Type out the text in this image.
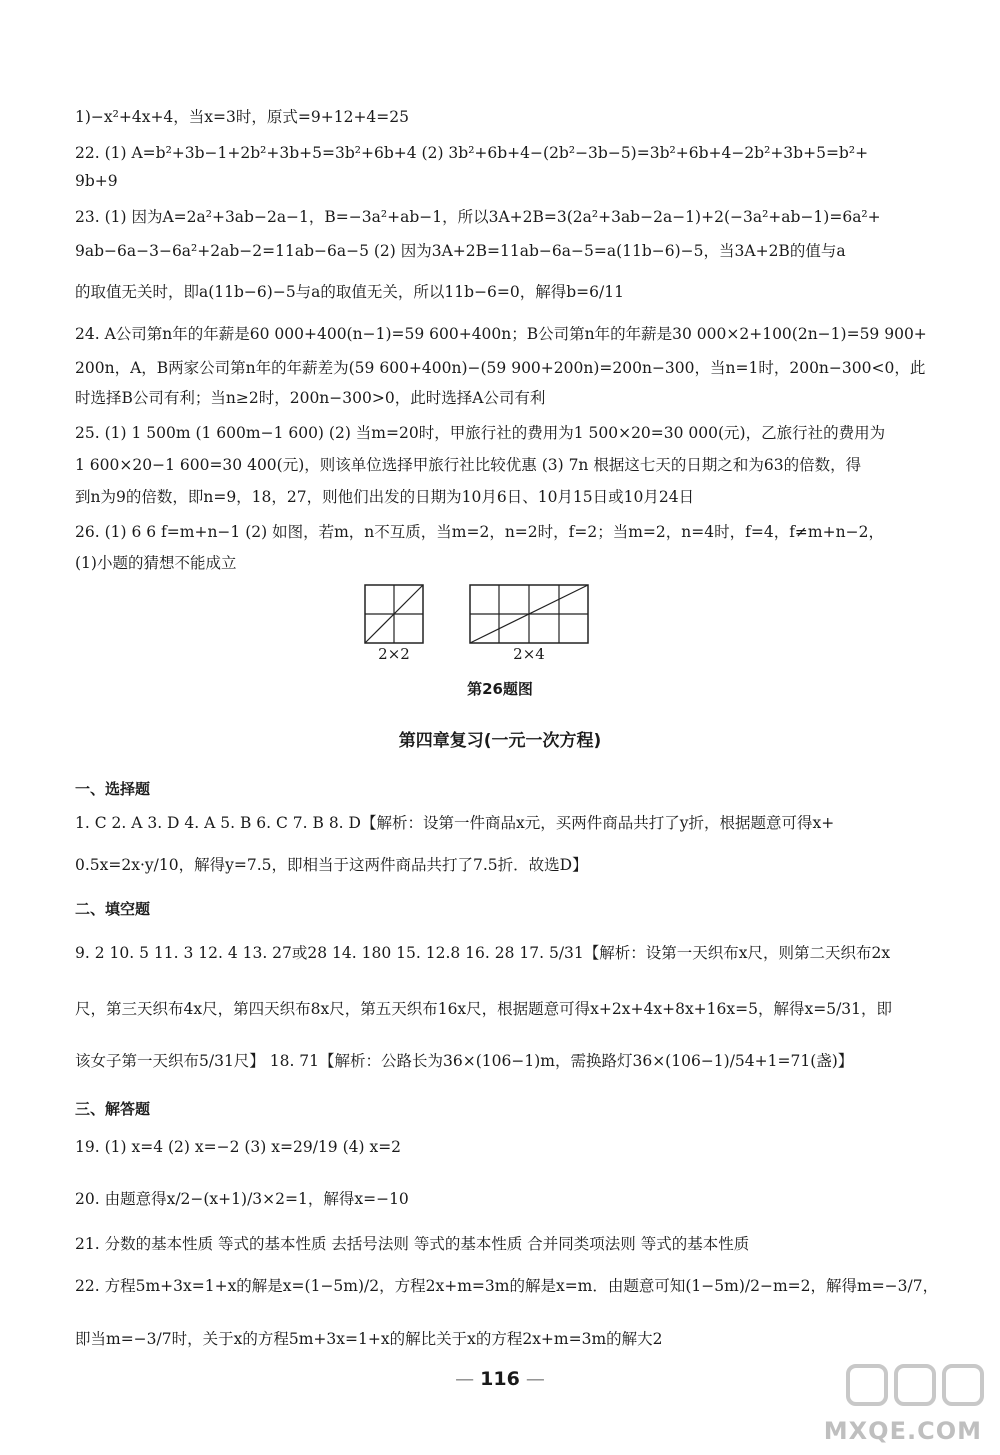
1)−x²+4x+4，当x=3时，原式=9+12+4=25
22. (1) A=b²+3b−1+2b²+3b+5=3b²+6b+4 (2) 3b²+6b+4−(2b²−3b−5)=3b²+6b+4−2b²+3b+5=b²+
9b+9
23. (1) 因为A=2a²+3ab−2a−1，B=−3a²+ab−1，所以3A+2B=3(2a²+3ab−2a−1)+2(−3a²+ab−1)=6a²+
9ab−6a−3−6a²+2ab−2=11ab−6a−5 (2) 因为3A+2B=11ab−6a−5=a(11b−6)−5，当3A+2B的值与a
的取值无关时，即a(11b−6)−5与a的取值无关，所以11b−6=0，解得b=6/11
24. A公司第n年的年薪是60 000+400(n−1)=59 600+400n；B公司第n年的年薪是30 000×2+100(2n−1)=59 900+
200n，A，B两家公司第n年的年薪差为(59 600+400n)−(59 900+200n)=200n−300，当n=1时，200n−300<0，此
时选择B公司有利；当n≥2时，200n−300>0，此时选择A公司有利
25. (1) 1 500m (1 600m−1 600) (2) 当m=20时，甲旅行社的费用为1 500×20=30 000(元)，乙旅行社的费用为
1 600×20−1 600=30 400(元)，则该单位选择甲旅行社比较优惠 (3) 7n 根据这七天的日期之和为63的倍数，得
到n为9的倍数，即n=9，18，27，则他们出发的日期为10月6日、10月15日或10月24日
26. (1) 6 6 f=m+n−1 (2) 如图，若m，n不互质，当m=2，n=2时，f=2；当m=2，n=4时，f=4，f≠m+n−2，
(1)小题的猜想不能成立
2×2	2×4
第26题图
第四章复习(一元一次方程)
一、选择题
1. C 2. A 3. D 4. A 5. B 6. C 7. B 8. D【解析：设第一件商品x元，买两件商品共打了y折，根据题意可得x+
0.5x=2x·y/10，解得y=7.5，即相当于这两件商品共打了7.5折．故选D】
二、填空题
9. 2 10. 5 11. 3 12. 4 13. 27或28 14. 180 15. 12.8 16. 28 17. 5/31【解析：设第一天织布x尺，则第二天织布2x
尺，第三天织布4x尺，第四天织布8x尺，第五天织布16x尺，根据题意可得x+2x+4x+8x+16x=5，解得x=5/31，即
该女子第一天织布5/31尺】 18. 71【解析：公路长为36×(106−1)m，需换路灯36×(106−1)/54+1=71(盏)】
三、解答题
19. (1) x=4 (2) x=−2 (3) x=29/19 (4) x=2
20. 由题意得x/2−(x+1)/3×2=1，解得x=−10
21. 分数的基本性质 等式的基本性质 去括号法则 等式的基本性质 合并同类项法则 等式的基本性质
22. 方程5m+3x=1+x的解是x=(1−5m)/2，方程2x+m=3m的解是x=m．由题意可知(1−5m)/2−m=2，解得m=−3/7，
即当m=−3/7时，关于x的方程5m+3x=1+x的解比关于x的方程2x+m=3m的解大2
— 116 —
MXQE.COM
